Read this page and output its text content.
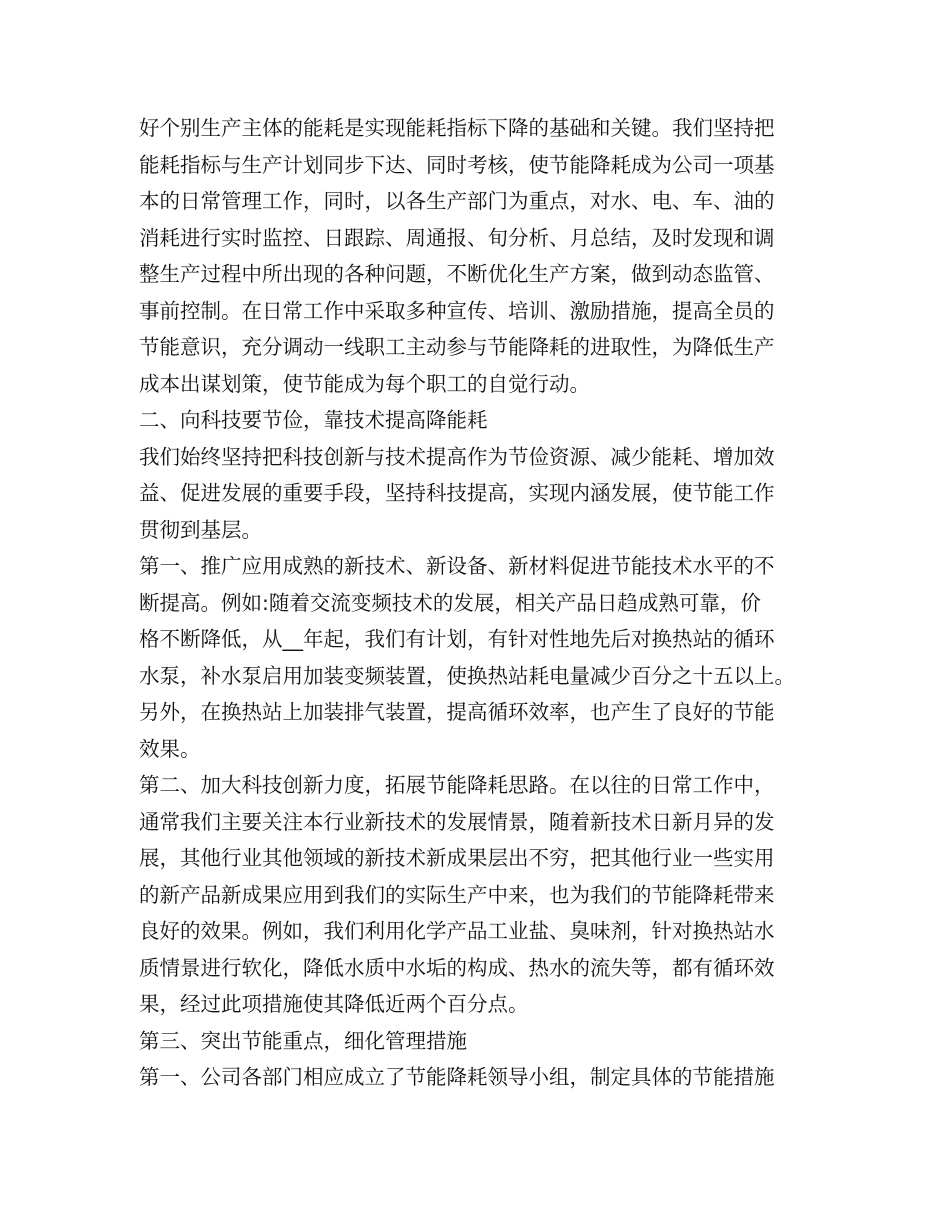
好个别生产主体的能耗是实现能耗指标下降的基础和关键。我们坚持把
能耗指标与生产计划同步下达、同时考核，使节能降耗成为公司一项基
本的日常管理工作，同时，以各生产部门为重点，对水、电、车、油的
消耗进行实时监控、日跟踪、周通报、旬分析、月总结，及时发现和调
整生产过程中所出现的各种问题，不断优化生产方案，做到动态监管、
事前控制。在日常工作中采取多种宣传、培训、激励措施，提高全员的
节能意识，充分调动一线职工主动参与节能降耗的进取性，为降低生产
成本出谋划策，使节能成为每个职工的自觉行动。
二、向科技要节俭，靠技术提高降能耗
我们始终坚持把科技创新与技术提高作为节俭资源、减少能耗、增加效
益、促进发展的重要手段，坚持科技提高，实现内涵发展，使节能工作
贯彻到基层。
第一、推广应用成熟的新技术、新设备、新材料促进节能技术水平的不
断提高。例如:随着交流变频技术的发展，相关产品日趋成熟可靠，价
格不断降低，从__年起，我们有计划，有针对性地先后对换热站的循环
水泵，补水泵启用加装变频装置，使换热站耗电量减少百分之十五以上。
另外，在换热站上加装排气装置，提高循环效率，也产生了良好的节能
效果。
第二、加大科技创新力度，拓展节能降耗思路。在以往的日常工作中，
通常我们主要关注本行业新技术的发展情景，随着新技术日新月异的发
展，其他行业其他领域的新技术新成果层出不穷，把其他行业一些实用
的新产品新成果应用到我们的实际生产中来，也为我们的节能降耗带来
良好的效果。例如，我们利用化学产品工业盐、臭味剂，针对换热站水
质情景进行软化，降低水质中水垢的构成、热水的流失等，都有循环效
果，经过此项措施使其降低近两个百分点。
第三、突出节能重点，细化管理措施
第一、公司各部门相应成立了节能降耗领导小组，制定具体的节能措施
